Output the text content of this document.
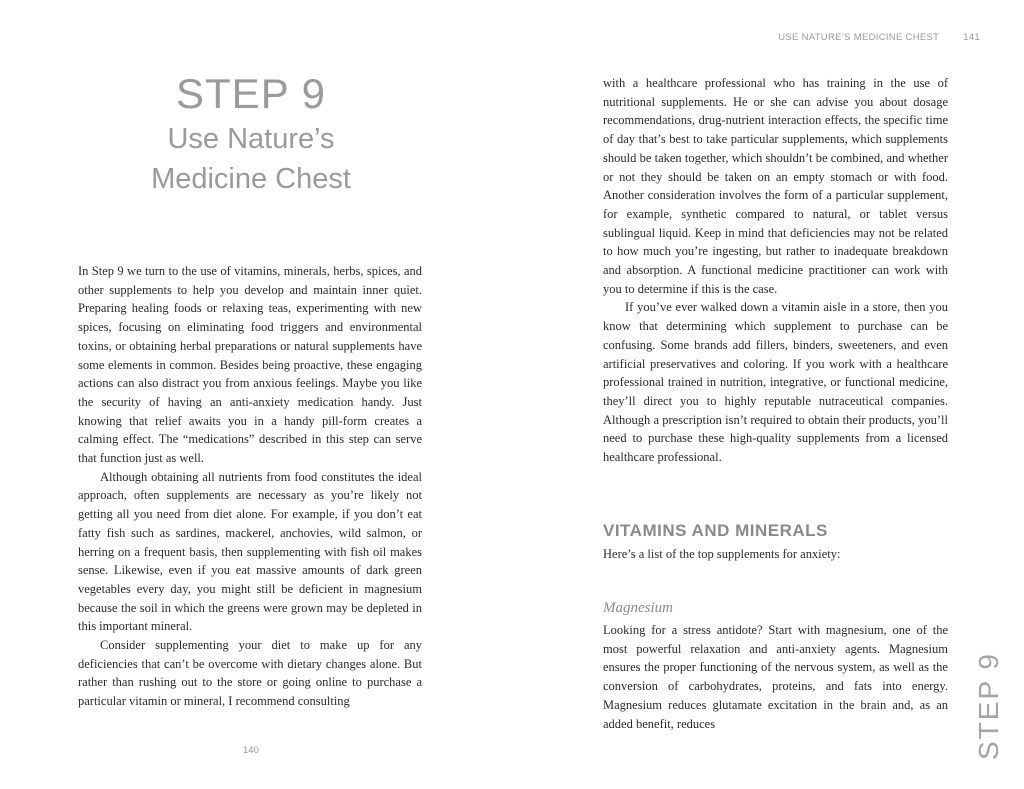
STEP 9
Use Nature’s
Medicine Chest

In Step 9 we turn to the use of vitamins, minerals, herbs, spices, and other supplements to help you develop and maintain inner quiet. Preparing healing foods or relaxing teas, experimenting with new spices, focusing on eliminating food triggers and environmental toxins, or obtaining herbal preparations or natural supplements have some elements in common. Besides being proactive, these engaging actions can also distract you from anxious feelings. Maybe you like the security of having an anti-anxiety medication handy. Just knowing that relief awaits you in a handy pill-form creates a calming effect. The “medications” described in this step can serve that function just as well.

Although obtaining all nutrients from food constitutes the ideal approach, often supplements are necessary as you’re likely not getting all you need from diet alone. For example, if you don’t eat fatty fish such as sardines, mackerel, anchovies, wild salmon, or herring on a frequent basis, then supplementing with fish oil makes sense. Likewise, even if you eat massive amounts of dark green vegetables every day, you might still be deficient in magnesium because the soil in which the greens were grown may be depleted in this important mineral.

Consider supplementing your diet to make up for any deficiencies that can’t be overcome with dietary changes alone. But rather than rushing out to the store or going online to purchase a particular vitamin or mineral, I recommend consulting

140
USE NATURE’S MEDICINE CHEST	141

with a healthcare professional who has training in the use of nutritional supplements. He or she can advise you about dosage recommendations, drug-nutrient interaction effects, the specific time of day that’s best to take particular supplements, which supplements should be taken together, which shouldn’t be combined, and whether or not they should be taken on an empty stomach or with food. Another consideration involves the form of a particular supplement, for example, synthetic compared to natural, or tablet versus sublingual liquid. Keep in mind that deficiencies may not be related to how much you’re ingesting, but rather to inadequate breakdown and absorption. A functional medicine practitioner can work with you to determine if this is the case.

If you’ve ever walked down a vitamin aisle in a store, then you know that determining which supplement to purchase can be confusing. Some brands add fillers, binders, sweeteners, and even artificial preservatives and coloring. If you work with a healthcare professional trained in nutrition, integrative, or functional medicine, they’ll direct you to highly reputable nutraceutical companies. Although a prescription isn’t required to obtain their products, you’ll need to purchase these high-quality supplements from a licensed healthcare professional.

VITAMINS AND MINERALS

Here’s a list of the top supplements for anxiety:

Magnesium

Looking for a stress antidote? Start with magnesium, one of the most powerful relaxation and anti-anxiety agents. Magnesium ensures the proper functioning of the nervous system, as well as the conversion of carbohydrates, proteins, and fats into energy. Magnesium reduces glutamate excitation in the brain and, as an added benefit, reduces	STEP 9
